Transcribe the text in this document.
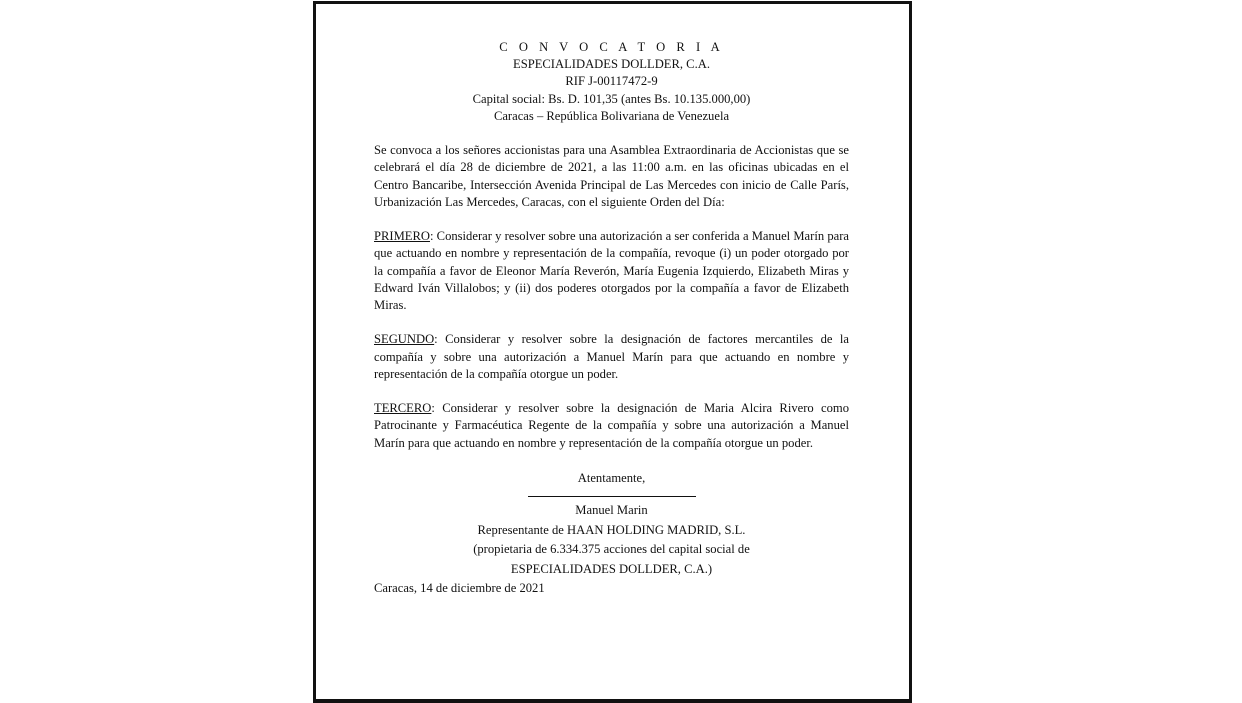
C O N V O C A T O R I A
ESPECIALIDADES DOLLDER, C.A.
RIF J-00117472-9
Capital social: Bs. D. 101,35 (antes Bs. 10.135.000,00)
Caracas – República Bolivariana de Venezuela
Se convoca a los señores accionistas para una Asamblea Extraordinaria de Accionistas que se celebrará el día 28 de diciembre de 2021, a las 11:00 a.m. en las oficinas ubicadas en el Centro Bancaribe, Intersección Avenida Principal de Las Mercedes con inicio de Calle París, Urbanización Las Mercedes, Caracas, con el siguiente Orden del Día:
PRIMERO: Considerar y resolver sobre una autorización a ser conferida a Manuel Marín para que actuando en nombre y representación de la compañía, revoque (i) un poder otorgado por la compañía a favor de Eleonor María Reverón, María Eugenia Izquierdo, Elizabeth Miras y Edward Iván Villalobos; y (ii) dos poderes otorgados por la compañía a favor de Elizabeth Miras.
SEGUNDO: Considerar y resolver sobre la designación de factores mercantiles de la compañía y sobre una autorización a Manuel Marín para que actuando en nombre y representación de la compañía otorgue un poder.
TERCERO: Considerar y resolver sobre la designación de Maria Alcira Rivero como Patrocinante y Farmacéutica Regente de la compañía y sobre una autorización a Manuel Marín para que actuando en nombre y representación de la compañía otorgue un poder.
Atentamente,
Manuel Marin
Representante de HAAN HOLDING MADRID, S.L.
(propietaria de 6.334.375 acciones del capital social de
ESPECIALIDADES DOLLDER, C.A.)
Caracas, 14 de diciembre de 2021
